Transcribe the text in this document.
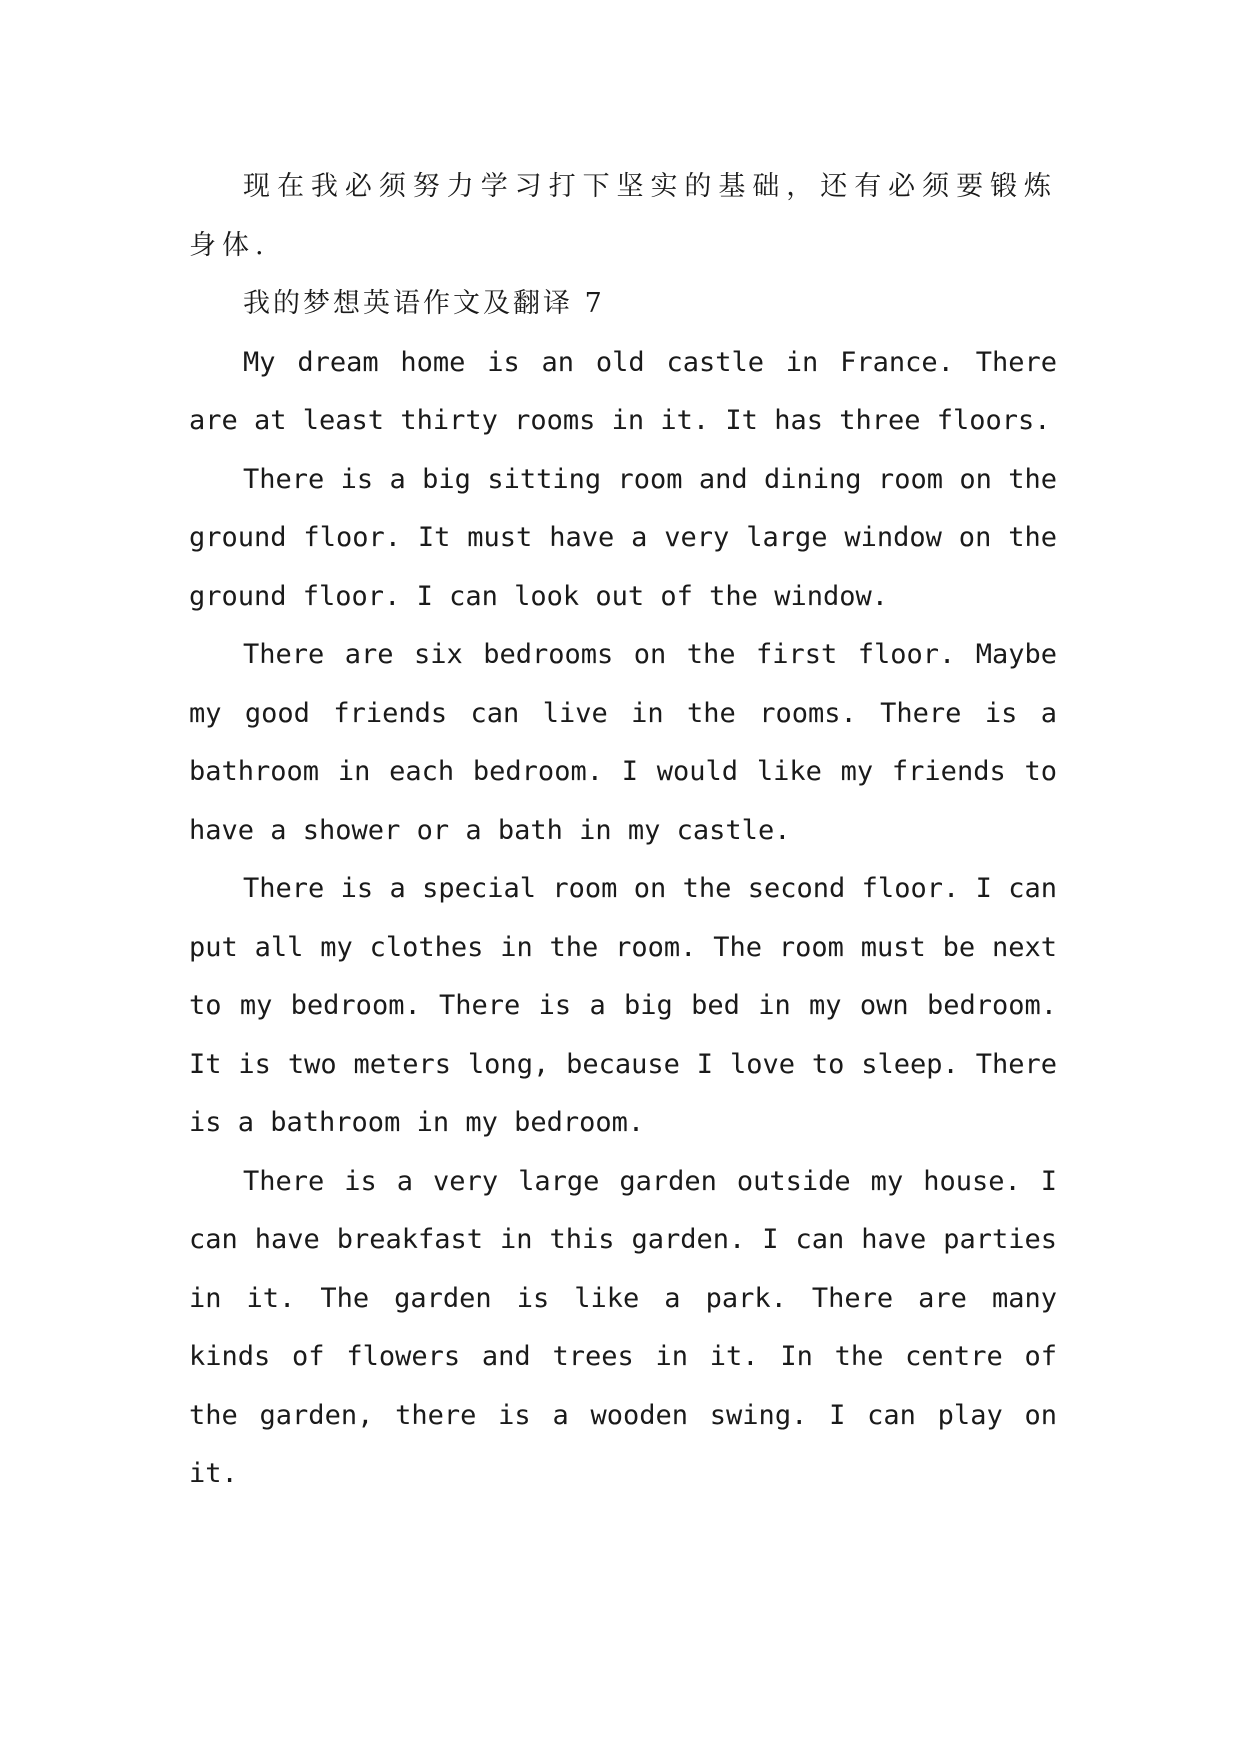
现在我必须努力学习打下坚实的基础，还有必须要锻炼身体.

我的梦想英语作文及翻译 7

My dream home is an old castle in France. There are at least thirty rooms in it. It has three floors.

There is a big sitting room and dining room on the ground floor. It must have a very large window on the ground floor. I can look out of the window.

There are six bedrooms on the first floor. Maybe my good friends can live in the rooms. There is a bathroom in each bedroom. I would like my friends to have a shower or a bath in my castle.

There is a special room on the second floor. I can put all my clothes in the room. The room must be next to my bedroom. There is a big bed in my own bedroom. It is two meters long, because I love to sleep. There is a bathroom in my bedroom.

There is a very large garden outside my house. I can have breakfast in this garden. I can have parties in it. The garden is like a park. There are many kinds of flowers and trees in it. In the centre of the garden, there is a wooden swing. I can play on it.
